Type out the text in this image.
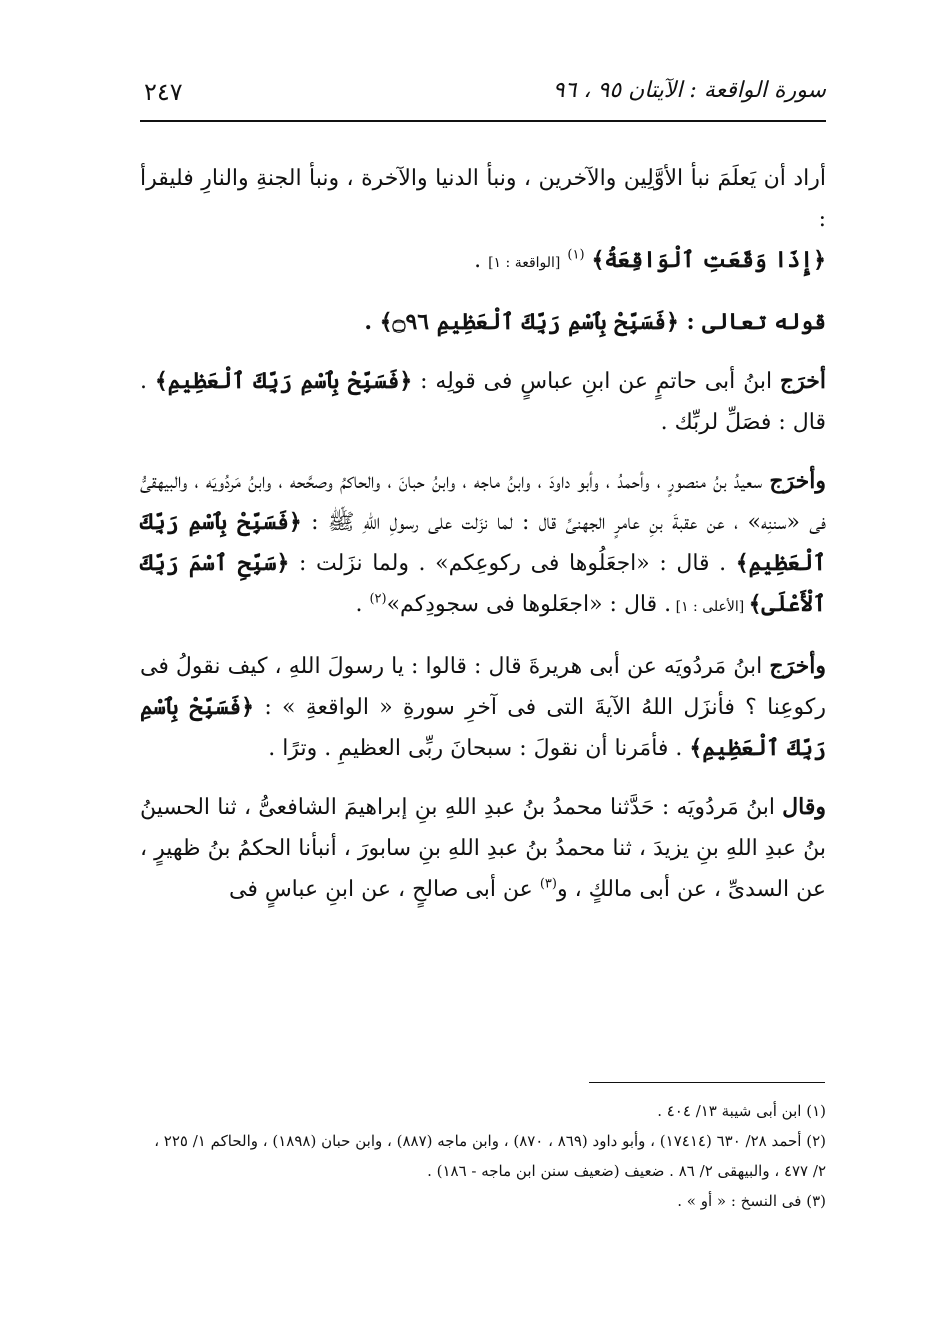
سورة الواقعة : الآيتان ٩٥ ، ٩٦
٢٤٧

أراد أن يَعلَمَ نبأ الأوَّلِين والآخرين ، ونبأ الدنيا والآخرة ، ونبأ الجنةِ والنارِ فليقرأ :
﴿إِذَا وَقَعَتِ ٱلْوَاقِعَةُ﴾ $^{(١)}$ [الواقعة : ١] .

قوله تعالى : ﴿فَسَبِّحْ بِٱسْمِ رَبِّكَ ٱلْعَظِيمِ ۝٩٦﴾ .

أخرَج ابنُ أبى حاتمٍ عن ابنِ عباسٍ فى قولِه : ﴿فَسَبِّحْ بِٱسْمِ رَبِّكَ ٱلْعَظِيمِ﴾ . قال : فصَلِّ لربِّك .

وأخرَج سعيدُ بنُ منصورٍ ، وأحمدُ ، وأبو داودَ ، وابنُ ماجه ، وابنُ حبانَ ، والحاكمُ وصحَّحه ، وابنُ مَردُويَه ، والبيهقىُّ فى «سننِه» ، عن عقبةَ بنِ عامرٍ الجهنىِّ قال : لما نزَلت على رسولِ اللهِ ﷺ : ﴿فَسَبِّحْ بِٱسْمِ رَبِّكَ ٱلْعَظِيمِ﴾ . قال : «اجعَلُوها فى ركوعِكم» . ولما نزَلت : ﴿سَبِّحِ ٱسْمَ رَبِّكَ ٱلْأَعْلَى﴾ [الأعلى : ١] . قال : «اجعَلوها فى سجودِكم»$^{(٢)}$ .

وأخرَج ابنُ مَردُويَه عن أبى هريرةَ قال : قالوا : يا رسولَ اللهِ ، كيف نقولُ فى ركوعِنا ؟ فأنزَل اللهُ الآيةَ التى فى آخرِ سورةِ « الواقعةِ » : ﴿فَسَبِّحْ بِٱسْمِ رَبِّكَ ٱلْعَظِيمِ﴾ . فأمَرنا أن نقولَ : سبحانَ ربِّى العظيمِ . وترًا .

وقال ابنُ مَردُويَه : حَدَّثنا محمدُ بنُ عبدِ اللهِ بنِ إبراهيمَ الشافعىُّ ، ثنا الحسينُ بنُ عبدِ اللهِ بنِ يزيدَ ، ثنا محمدُ بنُ عبدِ اللهِ بنِ سابورَ ، أنبأنا الحكمُ بنُ ظهيرٍ ، عن السدىِّ ، عن أبى مالكٍ ، و$^{(٣)}$ عن أبى صالحٍ ، عن ابنِ عباسٍ فى

(١) ابن أبى شيبة ١٣/ ٤٠٤ .

(٢) أحمد ٢٨/ ٦٣٠ (١٧٤١٤) ، وأبو داود (٨٦٩ ، ٨٧٠) ، وابن ماجه (٨٨٧) ، وابن حبان (١٨٩٨) ، والحاكم ١/ ٢٢٥ ، ٢/ ٤٧٧ ، والبيهقى ٢/ ٨٦ . ضعيف (ضعيف سنن ابن ماجه - ١٨٦) .

(٣) فى النسخ : « أو » .
